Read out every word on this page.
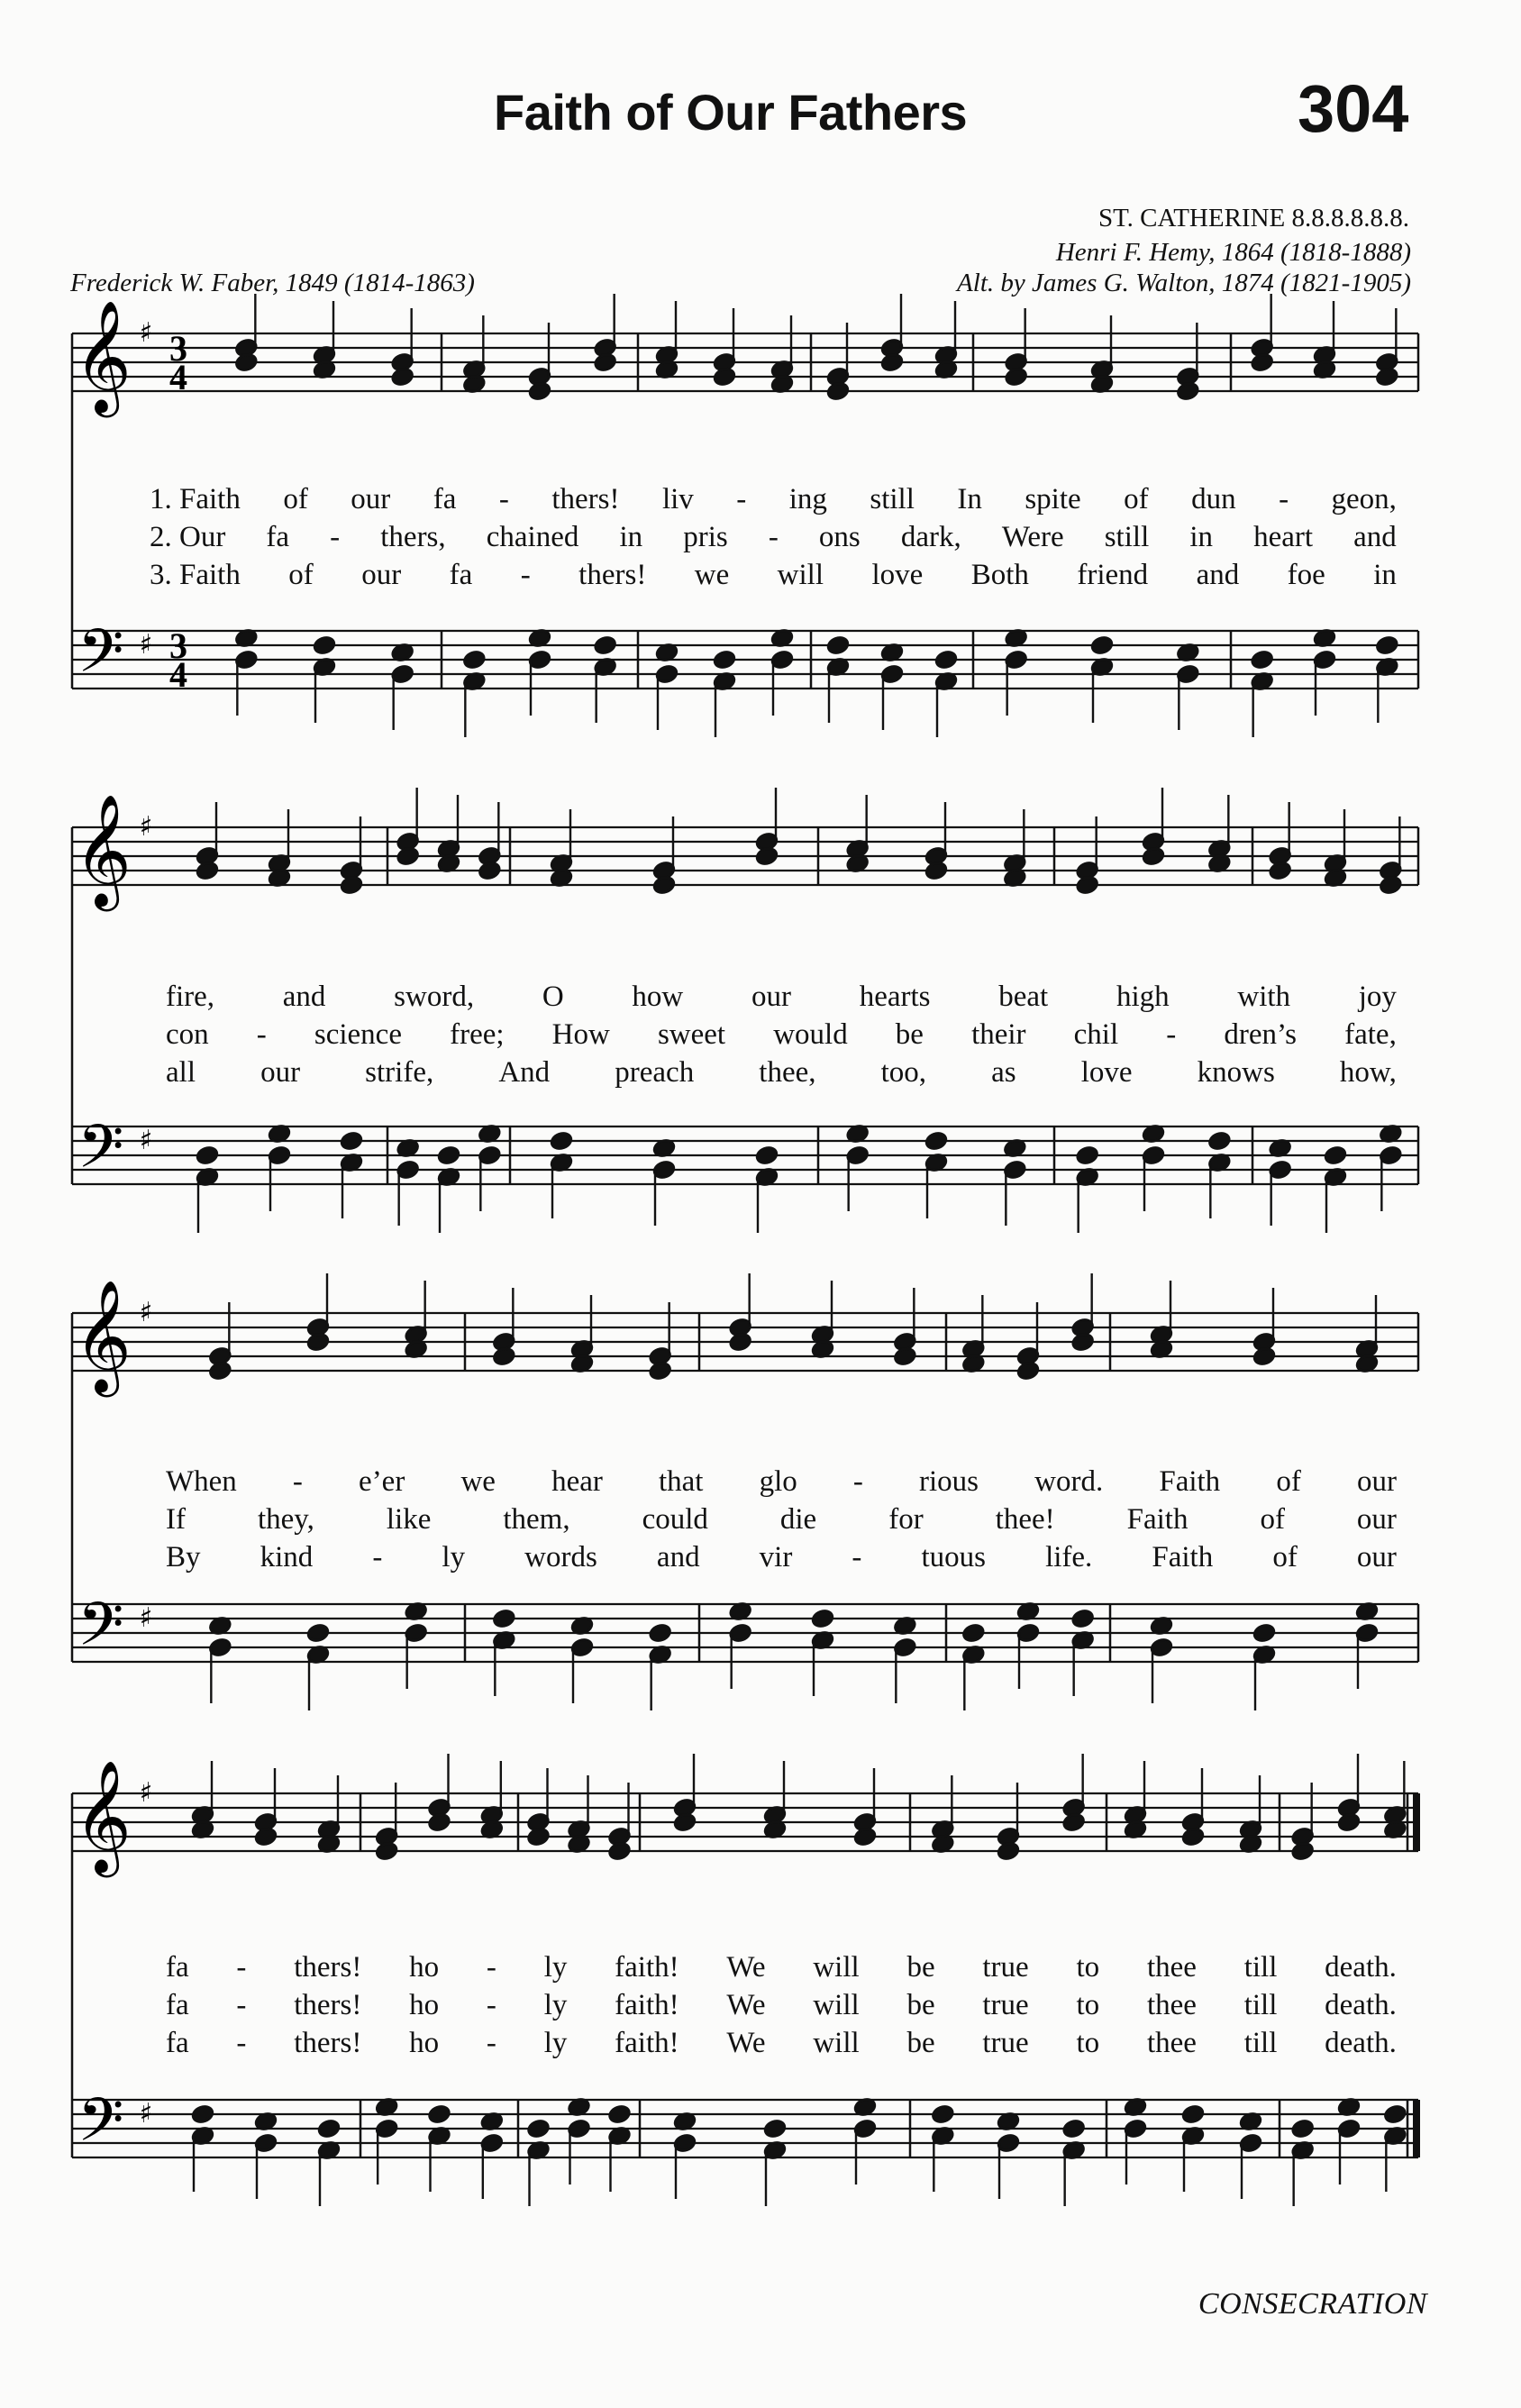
Faith of Our Fathers	304
ST. CATHERINE 8.8.8.8.8.8.
Henri F. Hemy, 1864 (1818-1888)
Alt. by James G. Walton, 1874 (1821-1905)
Frederick W. Faber, 1849 (1814-1863)
𝄞
𝄢
♯
♯
3
4
3
4
𝄞
𝄢
♯
♯
𝄞
𝄢
♯
♯
𝄞
𝄢
♯
♯
1. Faith of our fa - thers! liv - ing still In spite of dun - geon,
2. Our fa - thers, chained in pris - ons dark, Were still in heart and
3. Faith of our fa - thers! we will love Both friend and foe in
fire, and sword, O how our hearts beat high with joy
con - science free; How sweet would be their chil - dren’s fate,
all our strife, And preach thee, too, as love knows how,
When - e’er we hear that glo - rious word. Faith of our
If they, like them, could die for thee! Faith of our
By kind - ly words and vir - tuous life. Faith of our
fa - thers! ho - ly faith! We will be true to thee till death.
fa - thers! ho - ly faith! We will be true to thee till death.
fa - thers! ho - ly faith! We will be true to thee till death.
CONSECRATION
